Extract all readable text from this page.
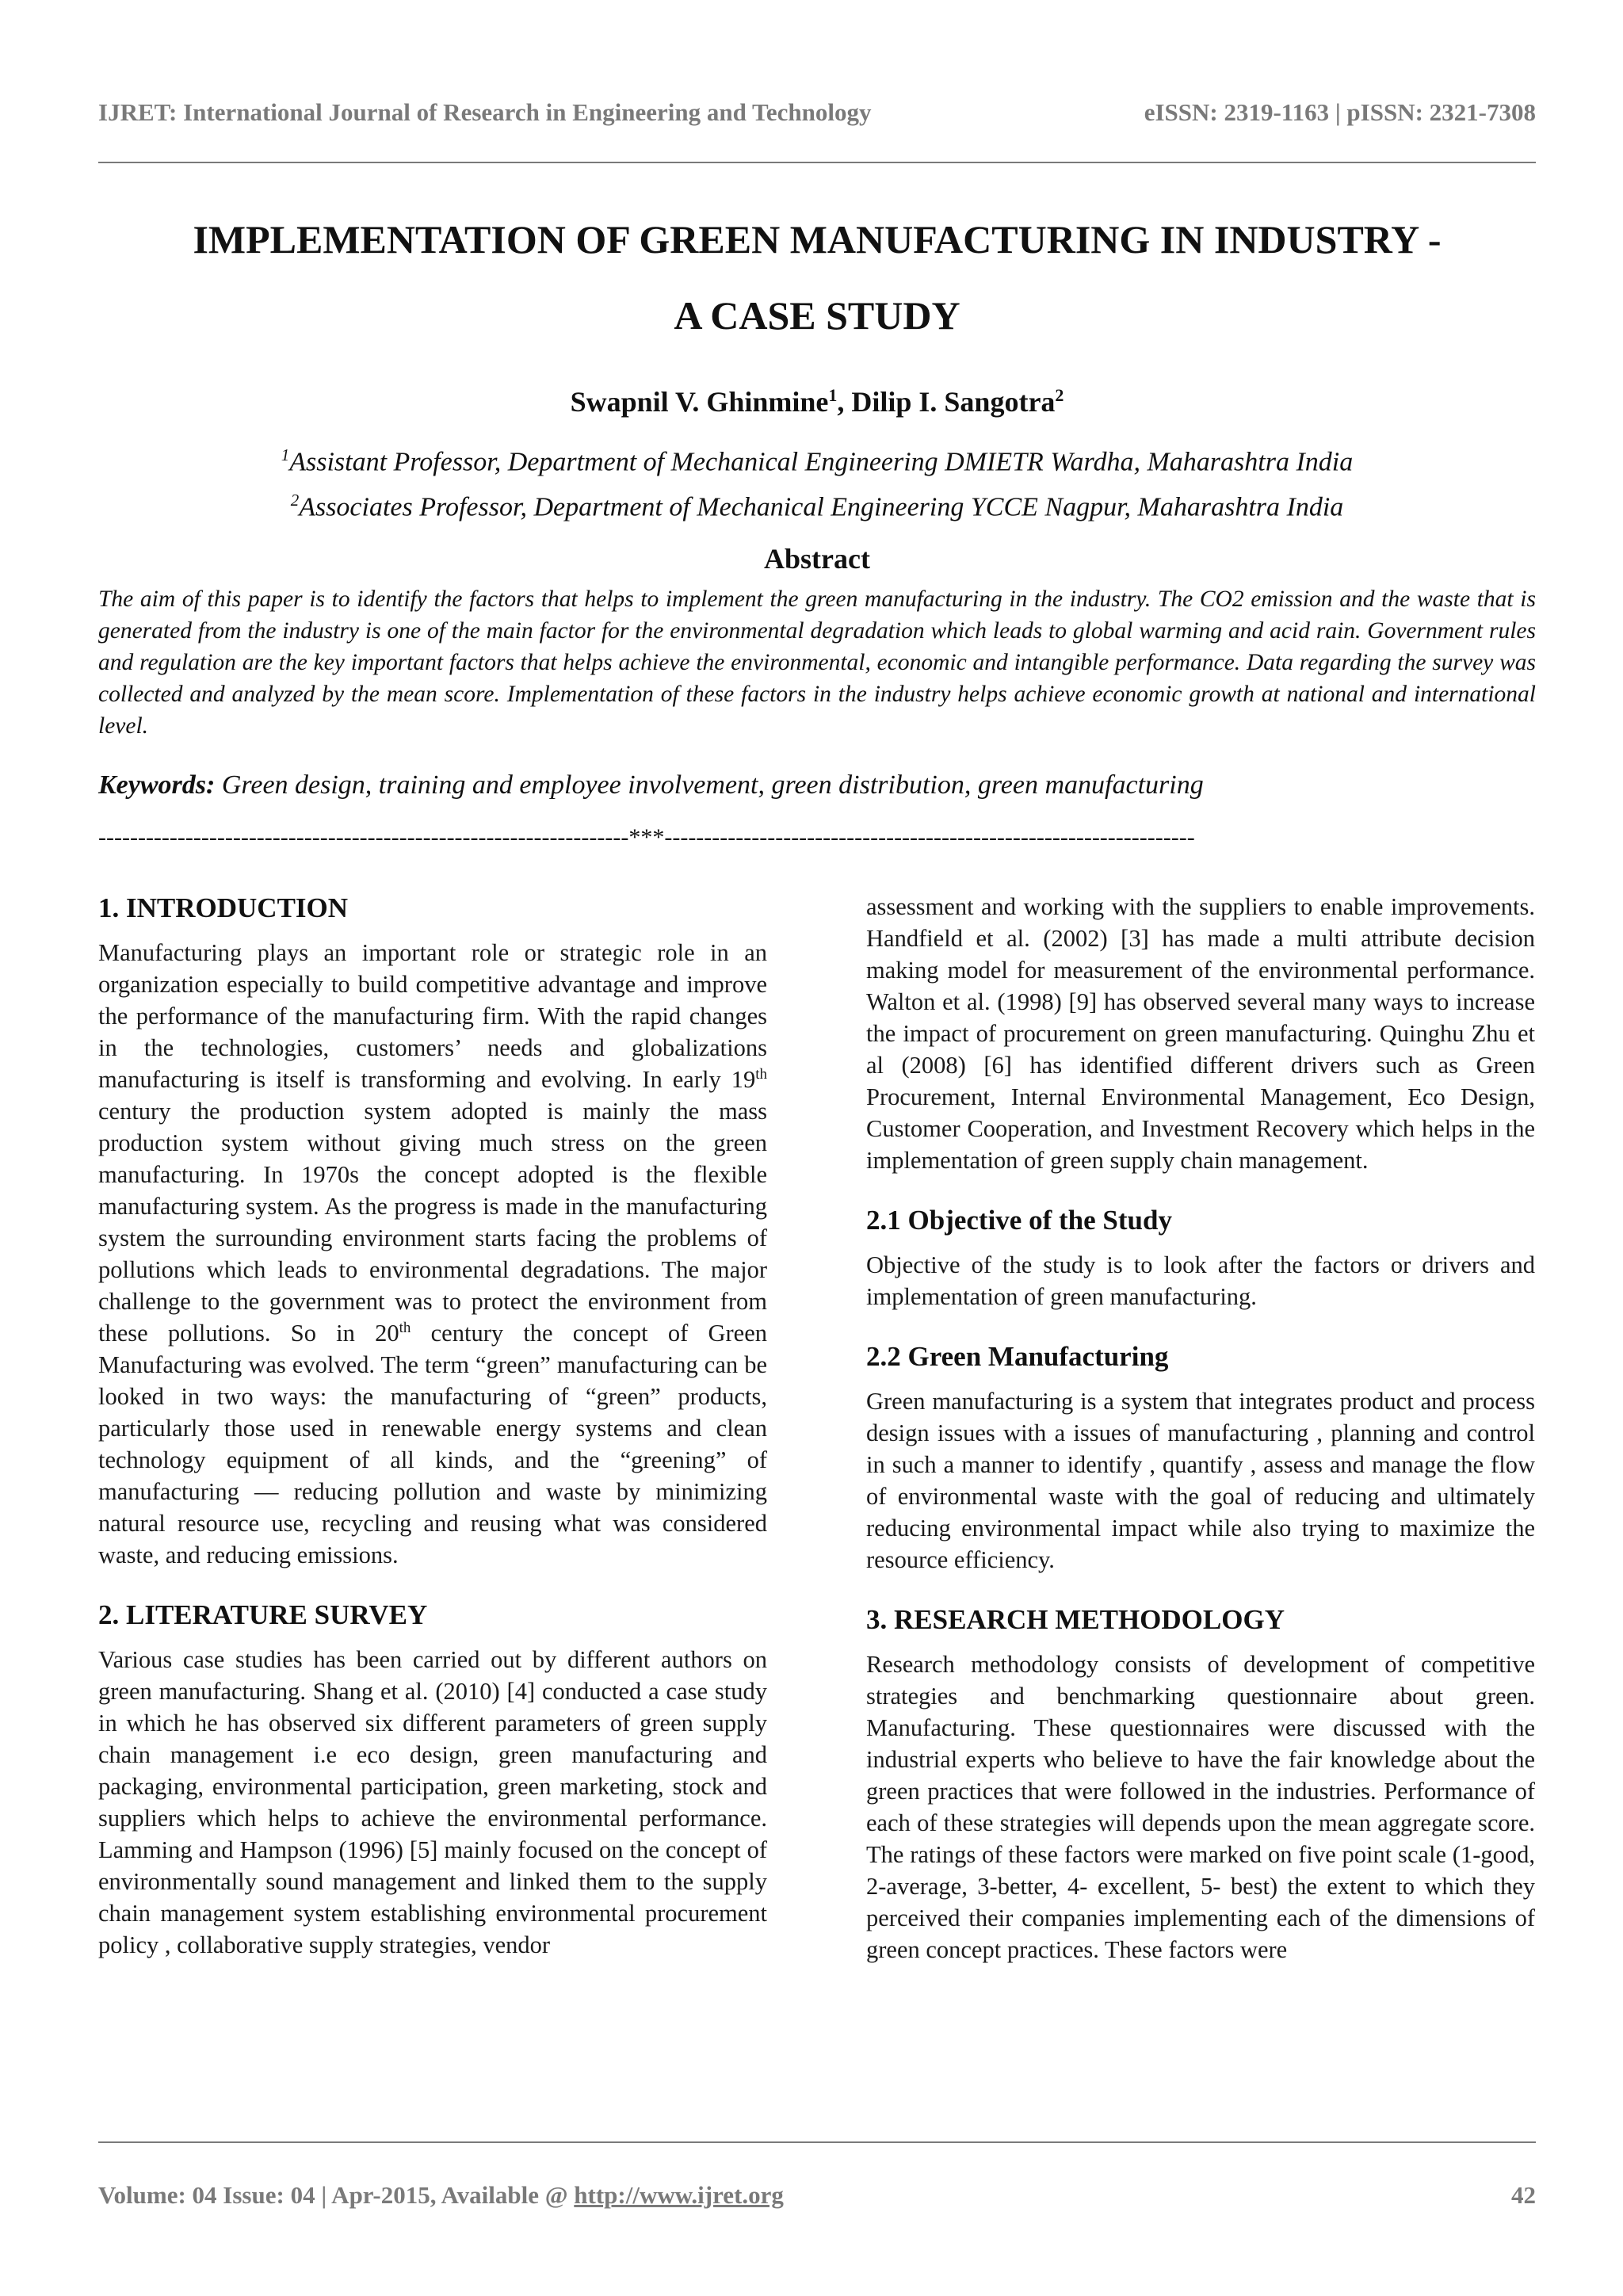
IJRET: International Journal of Research in Engineering and Technology	eISSN: 2319-1163 | pISSN: 2321-7308
IMPLEMENTATION OF GREEN MANUFACTURING IN INDUSTRY -
A CASE STUDY
Swapnil V. Ghinmine$^1$, Dilip I. Sangotra$^2$
$^1$Assistant Professor, Department of Mechanical Engineering DMIETR Wardha, Maharashtra India
$^2$Associates Professor, Department of Mechanical Engineering YCCE Nagpur, Maharashtra India
Abstract
The aim of this paper is to identify the factors that helps to implement the green manufacturing in the industry. The CO2 emission and the waste that is generated from the industry is one of the main factor for the environmental degradation which leads to global warming and acid rain. Government rules and regulation are the key important factors that helps achieve the environmental, economic and intangible performance. Data regarding the survey was collected and analyzed by the mean score. Implementation of these factors in the industry helps achieve economic growth at national and international level.
Keywords: Green design, training and employee involvement, green distribution, green manufacturing
-------------------------------------------------------------------***-------------------------------------------------------------------
1. INTRODUCTION

Manufacturing plays an important role or strategic role in an organization especially to build competitive advantage and improve the performance of the manufacturing firm. With the rapid changes in the technologies, customers’ needs and globalizations manufacturing is itself is transforming and evolving. In early 19th century the production system adopted is mainly the mass production system without giving much stress on the green manufacturing. In 1970s the concept adopted is the flexible manufacturing system. As the progress is made in the manufacturing system the surrounding environment starts facing the problems of pollutions which leads to environmental degradations. The major challenge to the government was to protect the environment from these pollutions. So in 20th century the concept of Green Manufacturing was evolved. The term “green” manufacturing can be looked in two ways: the manufacturing of “green” products, particularly those used in renewable energy systems and clean technology equipment of all kinds, and the “greening” of manufacturing — reducing pollution and waste by minimizing natural resource use, recycling and reusing what was considered waste, and reducing emissions.

2. LITERATURE SURVEY

Various case studies has been carried out by different authors on green manufacturing. Shang et al. (2010) [4] conducted a case study in which he has observed six different parameters of green supply chain management i.e eco design, green manufacturing and packaging, environmental participation, green marketing, stock and suppliers which helps to achieve the environmental performance. Lamming and Hampson (1996) [5] mainly focused on the concept of environmentally sound management and linked them to the supply chain management system establishing environmental procurement policy , collaborative supply strategies, vendor

assessment and working with the suppliers to enable improvements. Handfield et al. (2002) [3] has made a multi attribute decision making model for measurement of the environmental performance. Walton et al. (1998) [9] has observed several many ways to increase the impact of procurement on green manufacturing. Quinghu Zhu et al (2008) [6] has identified different drivers such as Green Procurement, Internal Environmental Management, Eco Design, Customer Cooperation, and Investment Recovery which helps in the implementation of green supply chain management.

2.1 Objective of the Study

Objective of the study is to look after the factors or drivers and implementation of green manufacturing.

2.2 Green Manufacturing

Green manufacturing is a system that integrates product and process design issues with a issues of manufacturing , planning and control in such a manner to identify , quantify , assess and manage the flow of environmental waste with the goal of reducing and ultimately reducing environmental impact while also trying to maximize the resource efficiency.

3. RESEARCH METHODOLOGY

Research methodology consists of development of competitive strategies and benchmarking questionnaire about green. Manufacturing. These questionnaires were discussed with the industrial experts who believe to have the fair knowledge about the green practices that were followed in the industries. Performance of each of these strategies will depends upon the mean aggregate score. The ratings of these factors were marked on five point scale (1-good, 2-average, 3-better, 4- excellent, 5- best) the extent to which they perceived their companies implementing each of the dimensions of green concept practices. These factors were

Volume: 04 Issue: 04 | Apr-2015, Available @ http://www.ijret.org	42
